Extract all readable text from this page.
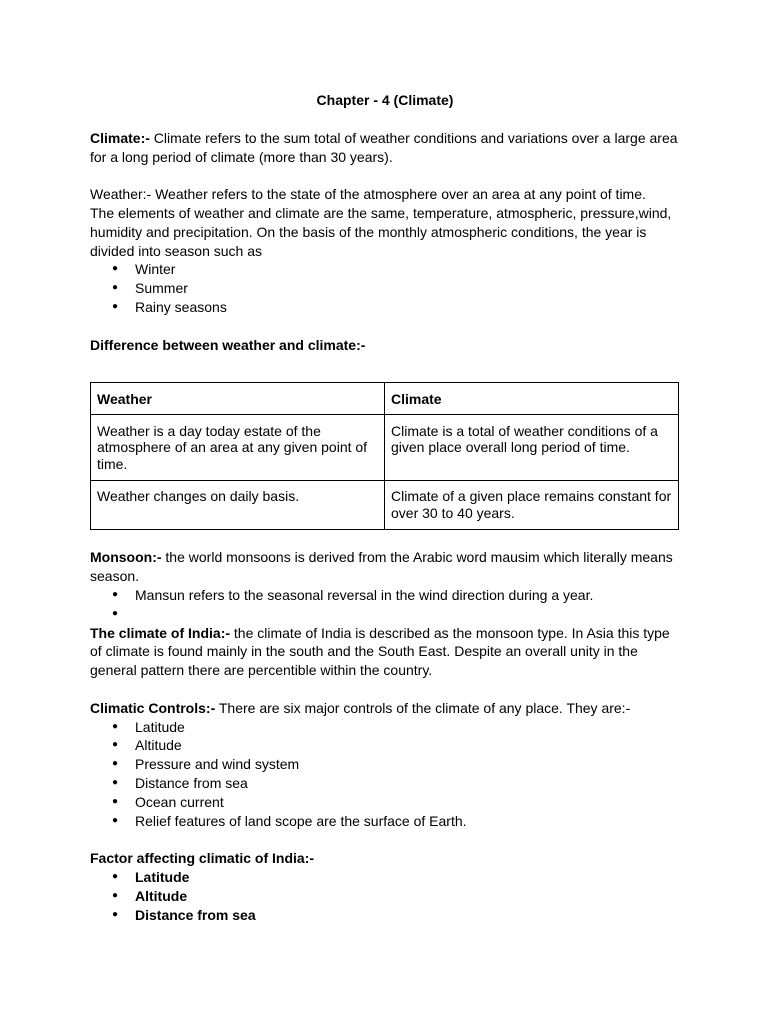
Chapter - 4 (Climate)

Climate:- Climate refers to the sum total of weather conditions and variations over a large area for a long period of climate (more than 30 years).

Weather:- Weather refers to the state of the atmosphere over an area at any point of time.

The elements of weather and climate are the same, temperature, atmospheric, pressure,wind, humidity and precipitation. On the basis of the monthly atmospheric conditions, the year is divided into season such as

● Winter
● Summer
● Rainy seasons

Difference between weather and climate:-

Weather	Climate
Weather is a day today estate of the atmosphere of an area at any given point of time.	Climate is a total of weather conditions of a given place overall long period of time.
Weather changes on daily basis.	Climate of a given place remains constant for over 30 to 40 years.

Monsoon:- the world monsoons is derived from the Arabic word mausim which literally means season.

● Mansun refers to the seasonal reversal in the wind direction during a year.
●

The climate of India:- the climate of India is described as the monsoon type. In Asia this type of climate is found mainly in the south and the South East. Despite an overall unity in the general pattern there are percentible within the country.

Climatic Controls:- There are six major controls of the climate of any place. They are:-

● Latitude
● Altitude
● Pressure and wind system
● Distance from sea
● Ocean current
● Relief features of land scope are the surface of Earth.

Factor affecting climatic of India:-

● Latitude
● Altitude
● Distance from sea
